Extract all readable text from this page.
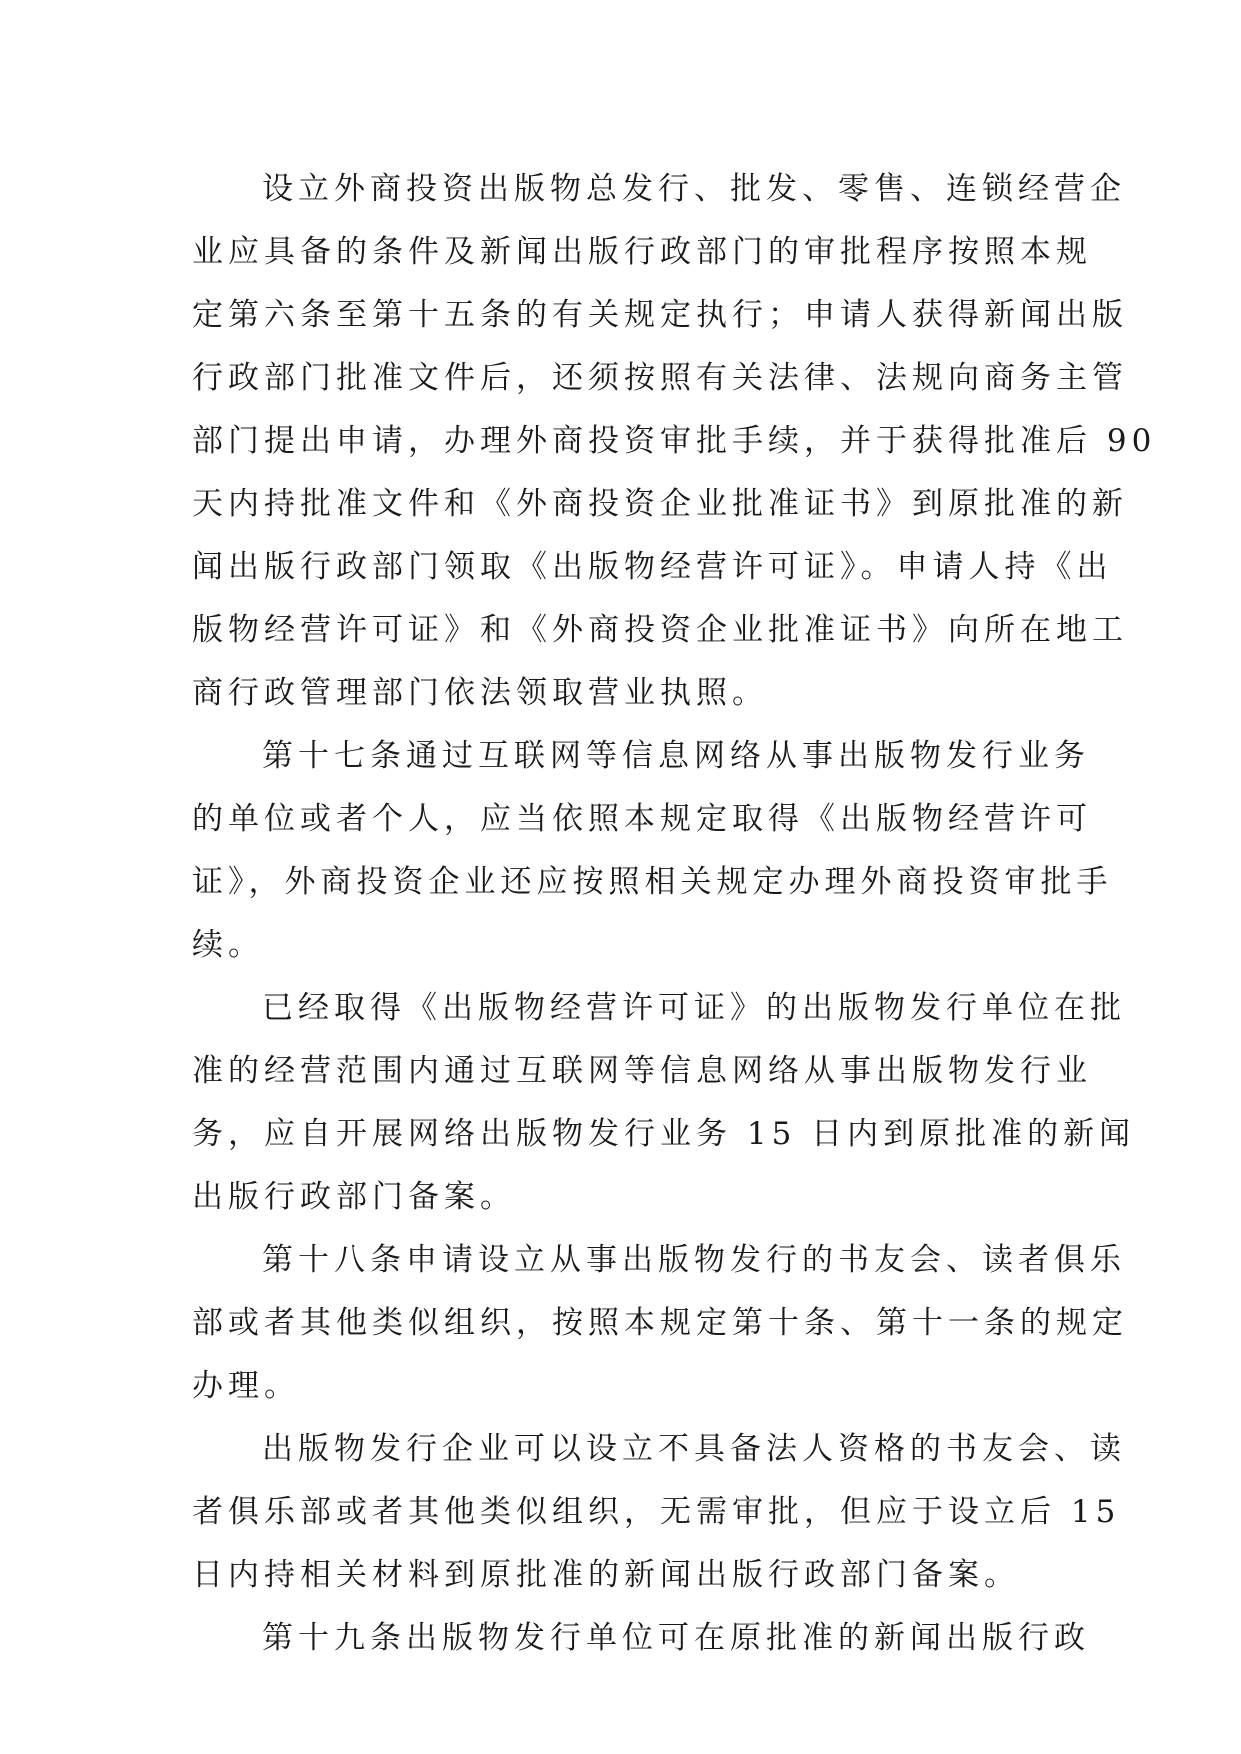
设立外商投资出版物总发行、批发、零售、连锁经营企
业应具备的条件及新闻出版行政部门的审批程序按照本规
定第六条至第十五条的有关规定执行；申请人获得新闻出版
行政部门批准文件后，还须按照有关法律、法规向商务主管
部门提出申请，办理外商投资审批手续，并于获得批准后 90
天内持批准文件和《外商投资企业批准证书》到原批准的新
闻出版行政部门领取《出版物经营许可证》。申请人持《出
版物经营许可证》和《外商投资企业批准证书》向所在地工
商行政管理部门依法领取营业执照。
第十七条通过互联网等信息网络从事出版物发行业务
的单位或者个人，应当依照本规定取得《出版物经营许可
证》，外商投资企业还应按照相关规定办理外商投资审批手
续。
已经取得《出版物经营许可证》的出版物发行单位在批
准的经营范围内通过互联网等信息网络从事出版物发行业
务，应自开展网络出版物发行业务 15 日内到原批准的新闻
出版行政部门备案。
第十八条申请设立从事出版物发行的书友会、读者俱乐
部或者其他类似组织，按照本规定第十条、第十一条的规定
办理。
出版物发行企业可以设立不具备法人资格的书友会、读
者俱乐部或者其他类似组织，无需审批，但应于设立后 15
日内持相关材料到原批准的新闻出版行政部门备案。
第十九条出版物发行单位可在原批准的新闻出版行政
